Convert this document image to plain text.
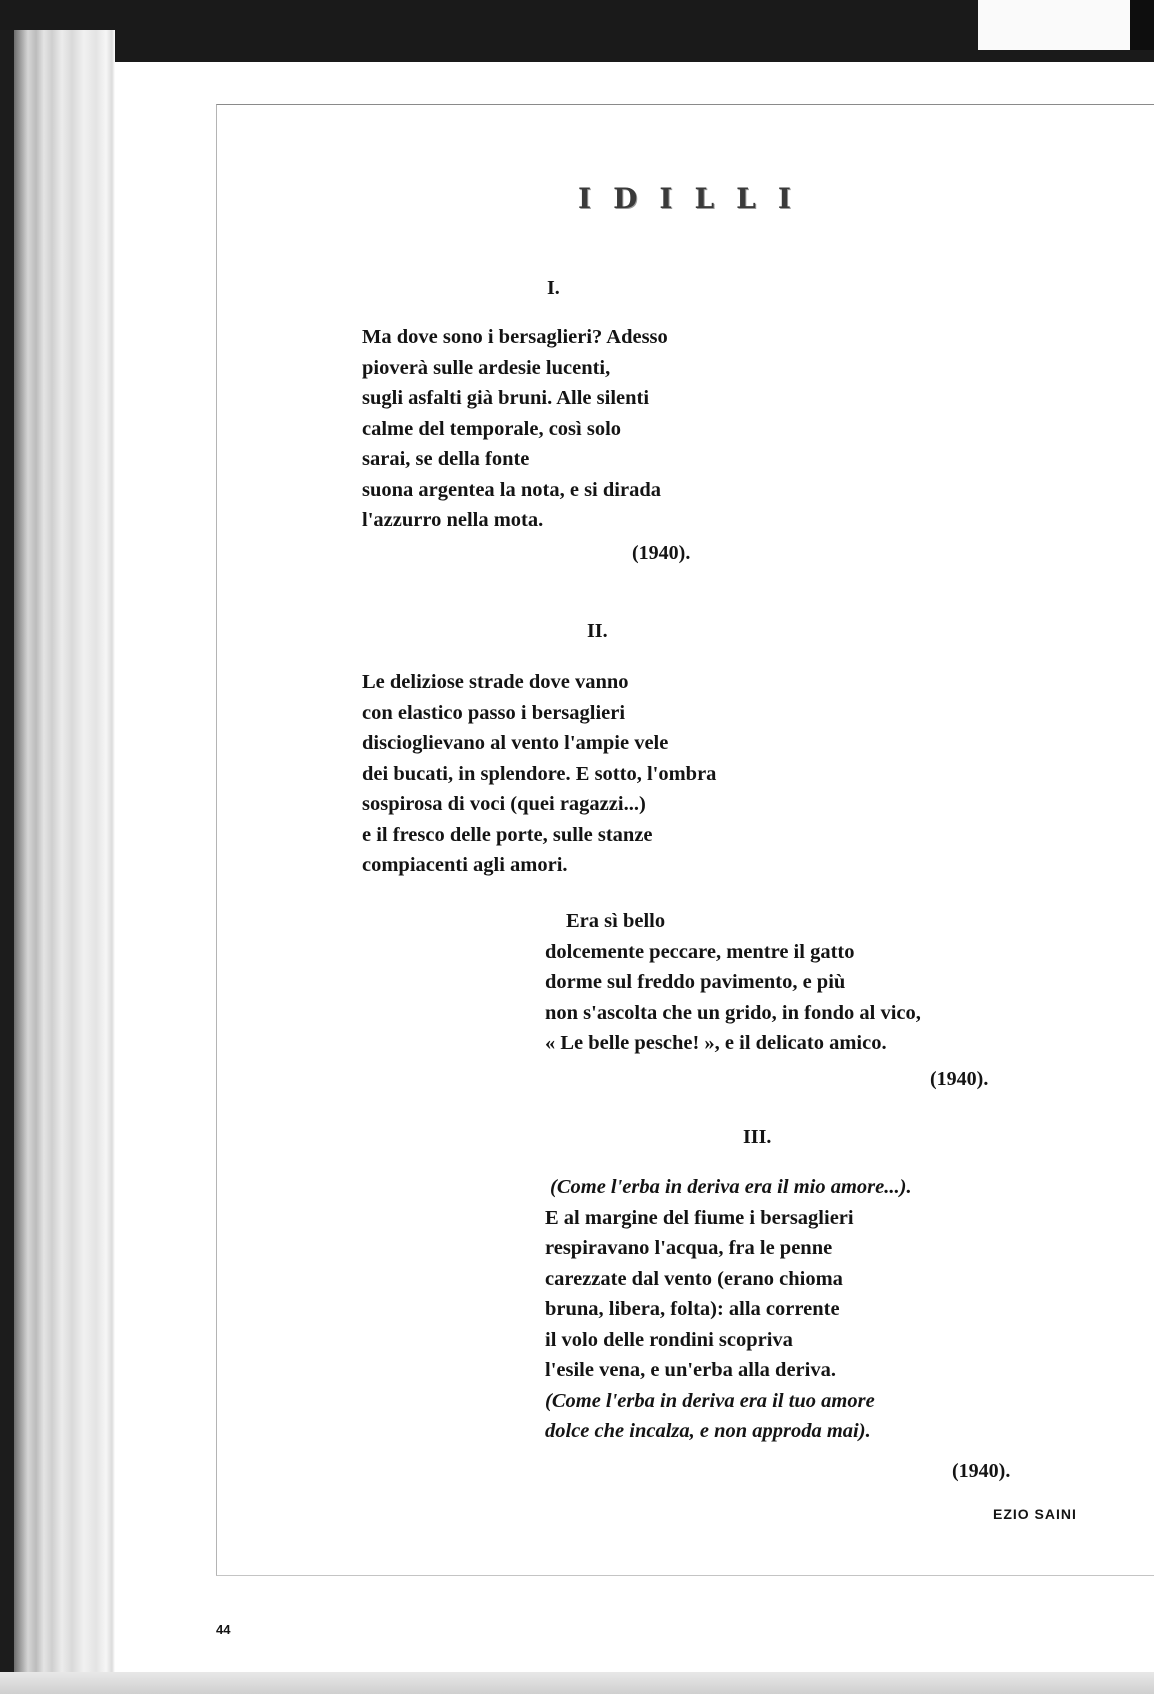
IDILLI
I.
Ma dove sono i bersaglieri? Adesso
pioverà sulle ardesie lucenti,
sugli asfalti già bruni. Alle silenti
calme del temporale, così solo
sarai, se della fonte
suona argentea la nota, e si dirada
l'azzurro nella mota.
(1940).
II.
Le deliziose strade dove vanno
con elastico passo i bersaglieri
discioglievano al vento l'ampie vele
dei bucati, in splendore. E sotto, l'ombra
sospirosa di voci (quei ragazzi...)
e il fresco delle porte, sulle stanze
compiacenti agli amori.
Era sì bello
dolcemente peccare, mentre il gatto
dorme sul freddo pavimento, e più
non s'ascolta che un grido, in fondo al vico,
« Le belle pesche! », e il delicato amico.
(1940).
III.
(Come l'erba in deriva era il mio amore...).
E al margine del fiume i bersaglieri
respiravano l'acqua, fra le penne
carezzate dal vento (erano chioma
bruna, libera, folta): alla corrente
il volo delle rondini scopriva
l'esile vena, e un'erba alla deriva.
(Come l'erba in deriva era il tuo amore
dolce che incalza, e non approda mai).
(1940).
EZIO SAINI
44
